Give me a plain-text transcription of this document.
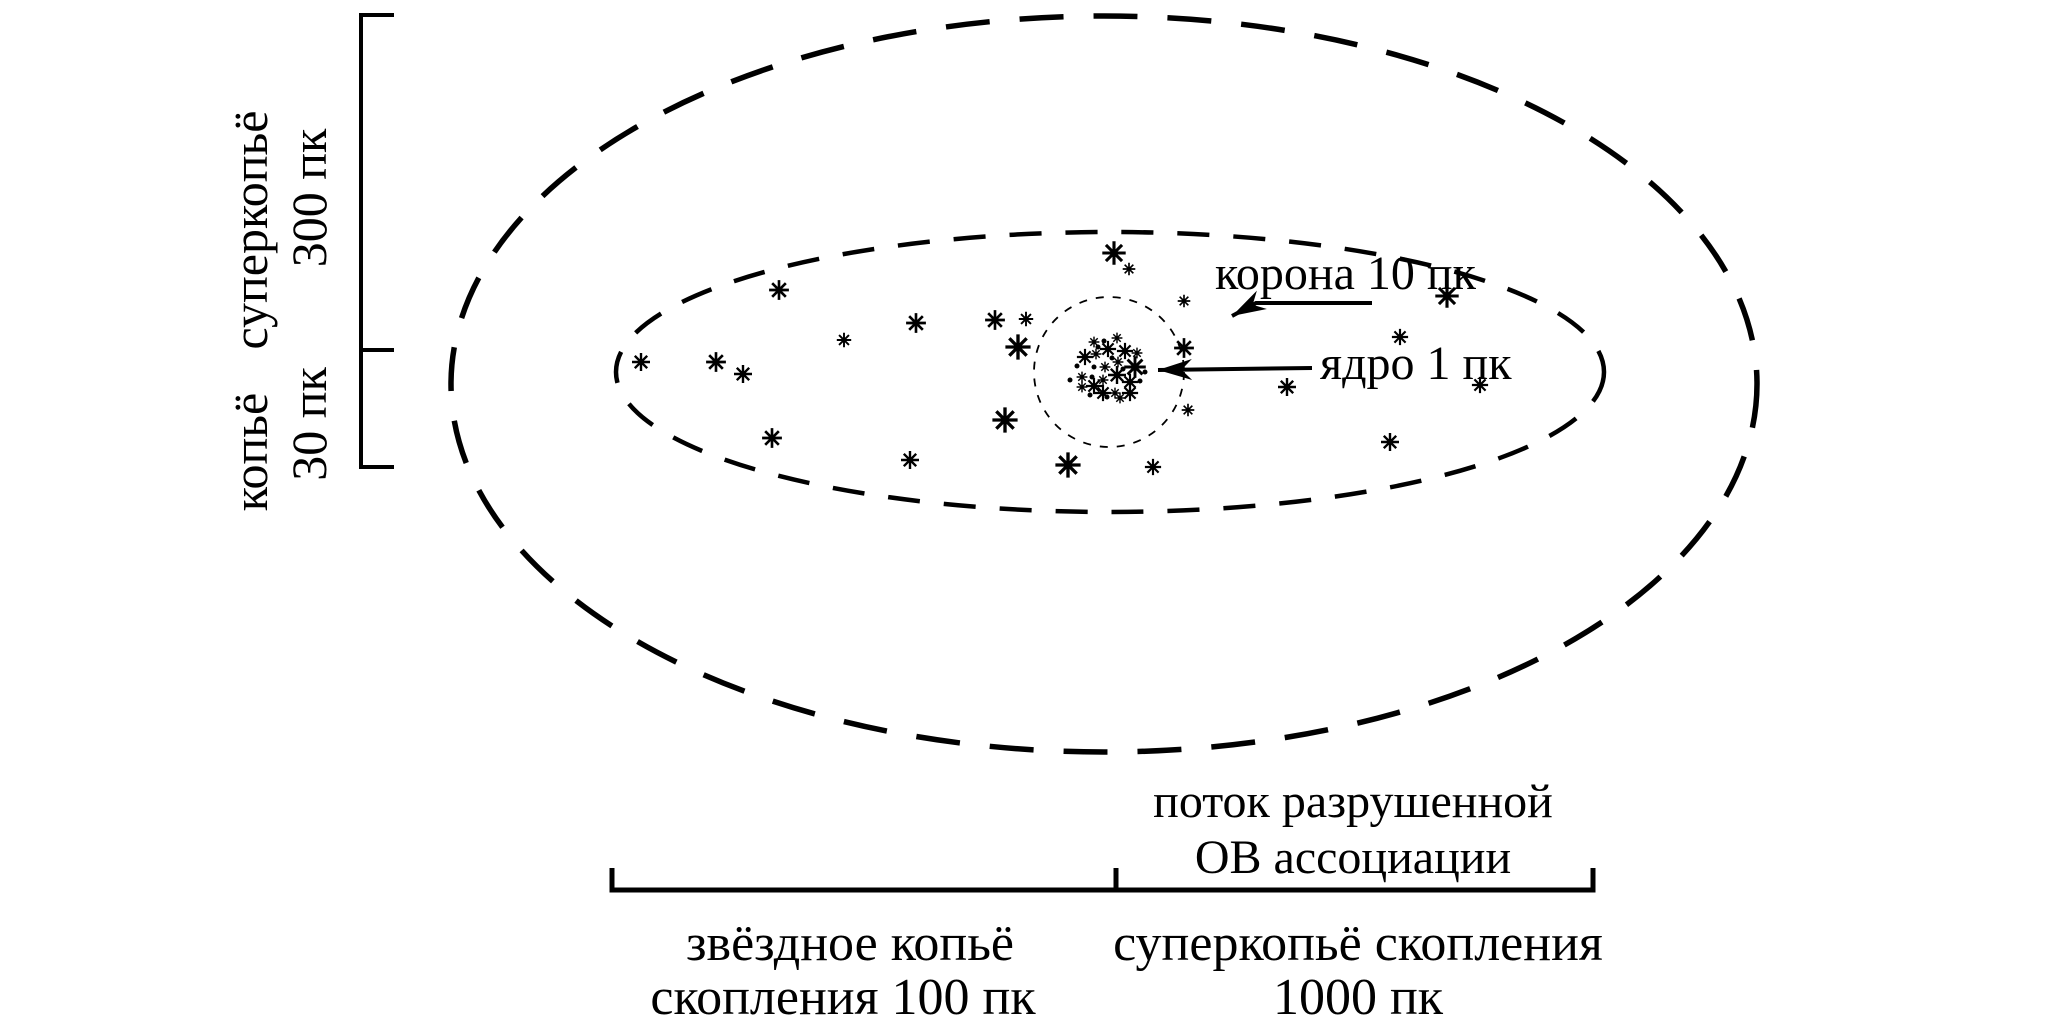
суперкопьё
копьё
300 пк
30 пк
корона 10 пк
ядро 1 пк
поток разрушенной
OB ассоциации
звёздное копьё
скопления 100 пк
суперкопьё скопления
1000 пк
